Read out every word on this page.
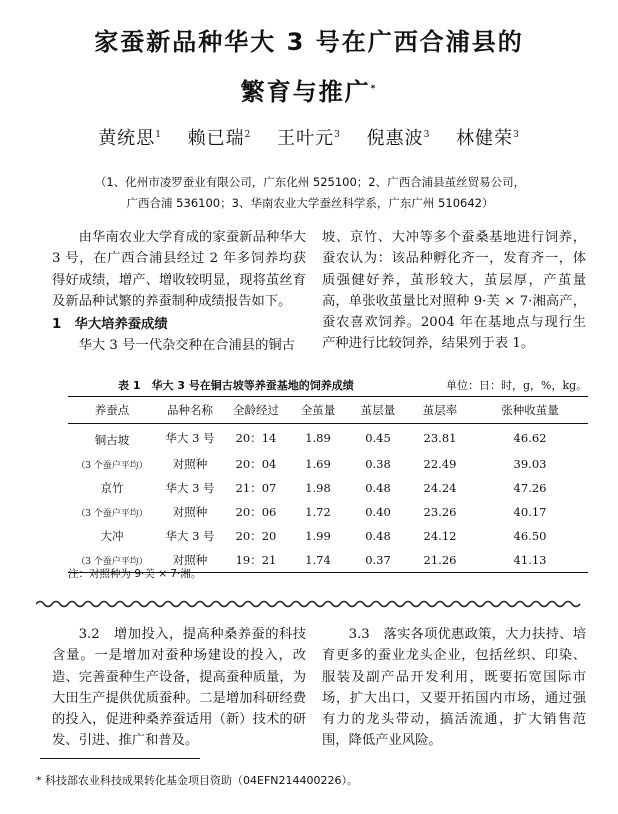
家蚕新品种华大 3 号在广西合浦县的
繁育与推广*
黄统思$^1$　 赖已瑞$^2$　 王叶元$^3$　 倪惠波$^3$　 林健荣$^3$
（1、化州市凌罗蚕业有限公司，广东化州 525100；2、广西合浦县茧丝贸易公司，
广西合浦 536100；3、华南农业大学蚕丝科学系，广东广州 510642）

由华南农业大学育成的家蚕新品种华大 3 号，在广西合浦县经过 2 年多饲养均获得好成绩，增产、增收较明显，现将茧丝育及新品种试繁的养蚕制种成绩报告如下。

1　华大培养蚕成绩

华大 3 号一代杂交种在合浦县的铜古

坡、京竹、大冲等多个蚕桑基地进行饲养，蚕农认为：该品种孵化齐一，发育齐一，体质强健好养，茧形较大，茧层厚，产茧量高，单张收茧量比对照种 9·芙 × 7·湘高产，蚕农喜欢饲养。2004 年在基地点与现行生产种进行比较饲养，结果列于表 1。

表 1　华大 3 号在铜古坡等养蚕基地的饲养成绩	单位：日：时，g，%，kg。
养蚕点	品种名称	全龄经过	全茧量	茧层量	茧层率	张种收茧量
铜古坡	华大 3 号	20：14	1.89	0.45	23.81	46.62
（3 个蚕户平均）	对照种	20：04	1.69	0.38	22.49	39.03
京竹	华大 3 号	21：07	1.98	0.48	24.24	47.26
（3 个蚕户平均）	对照种	20：06	1.72	0.40	23.26	40.17
大冲	华大 3 号	20：20	1.99	0.48	24.12	46.50
（3 个蚕户平均）	对照种	19：21	1.74	0.37	21.26	41.13
注：对照种为 9·芙 × 7·湘。

3.2　增加投入，提高种桑养蚕的科技含量。一是增加对蚕种场建设的投入，改造、完善蚕种生产设备，提高蚕种质量，为大田生产提供优质蚕种。二是增加科研经费的投入，促进种桑养蚕适用（新）技术的研发、引进、推广和普及。

3.3　落实各项优惠政策，大力扶持、培育更多的蚕业龙头企业，包括丝织、印染、服装及副产品开发利用，既要拓宽国际市场，扩大出口，又要开拓国内市场，通过强有力的龙头带动，搞活流通，扩大销售范围，降低产业风险。

* 科技部农业科技成果转化基金项目资助（04EFN214400226）。
